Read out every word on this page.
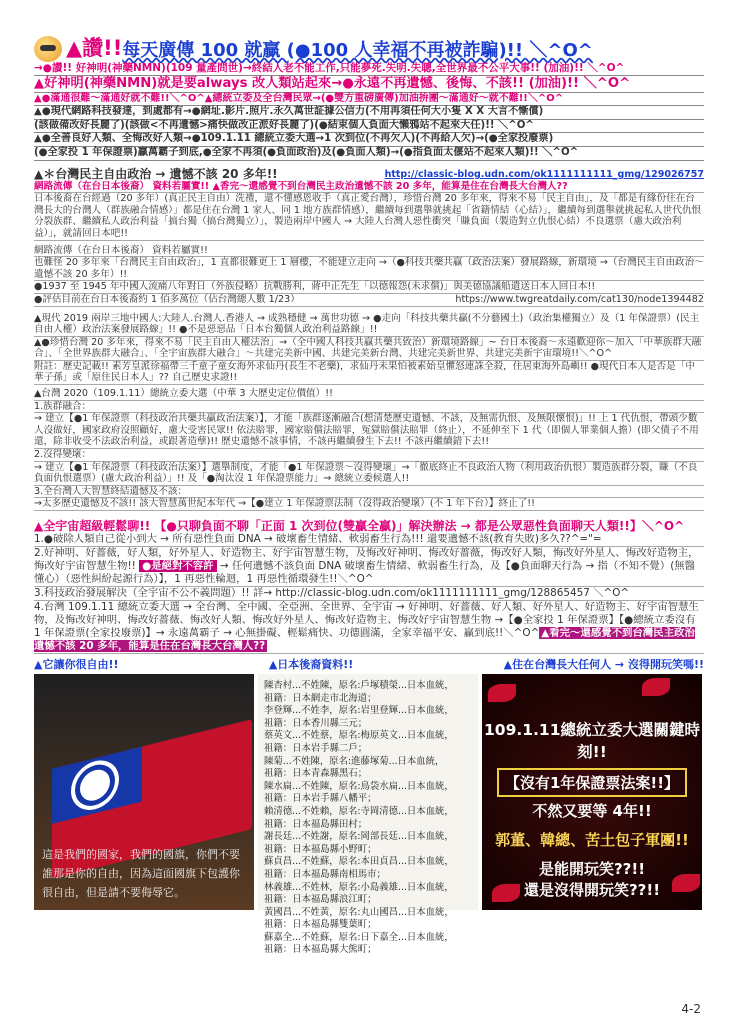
▲讚!! 每天廣傳 100 就贏 (●100 人幸福不再被詐騙)!! ＼^O^
→●讚!! 好神明(神藥NMN)(109 量產問世)→終結人老不能工作,只能夢死.失明.失聰,全世界最不公平大事!! (加油)!! ＼^O^
▲好神明(神藥NMN)就是要always 改人類站起來→●永遠不再遺憾、後悔、不該!! (加油)!! ＼^O^
▲●滿通很難～滿通好就不難!!＼^O^▲總統立委及全台灣民眾→(●雙方重磅廣傳)加油拚團～滿通好～就不難!!＼^O^
▲●現代網路科技發達，到處都有→●網址.影片.照片.永久萬世証據公信力(不用再須任何大小隻 X X 大言不慚償)
(該做備改好長麗了)(該做<不再遺憾>痛快做改正派好長麗了)(●結束個人負面大懶鴉站不起來大任)!! ＼^O^
▲●全善良好人類、全悔改好人類→●109.1.11 總統立委大選→1 次到位(不再欠人)(不再給人欠)→(●全家投廢票)
(●全家投 1 年保證票)贏萬霸子到底,●全家不再須(●負面政治)及(●負面人類)→(●指負面太偃站不起來人類)!! ＼^O^
▲＊台灣民主自由政治 → 遺憾不該 20 多年!!	http://classic-blog.udn.com/ok1111111111_gmg/129026757

網路流傳（在台日本後裔） 資料若屬實!! ▲香完～還感覺不到台灣民主政治遺憾不該 20 多年，能算是住在台灣長大台灣人??

日本後裔在台經過（20 多年）(真正民主自由）洗禮，還不懂感恩收手（真正愛台灣），珍惜台灣 20 多年來，得來不易「民主自由」，及「都是有緣份住在台灣長大的台灣人（群族融合情感）」都是住在台灣 1 家人、同 1 地方族群情感），繼續每到選舉就挑起「省籍情結（心結）」，繼續每到選舉就挑起私人世代仇恨分裂族群、繼續私人政治利益「搞台獨（搞台灣獨立）」，製造兩岸中國人 → 大陸人台灣人惡性衝突「賺負面（製造對立仇恨心結）不良選票（慮大政治利益）」，就請回日本吧!!

網路流傳（在台日本後裔） 資料若屬實!!

也難怪 20 多年來「台灣民主自由政治」，1 直都很難更上 1 層樓，不能建立走向 →（●科技共藥共贏（政治法案）發展路線，新環境 →（台灣民主自由政治～遺憾不該 20 多年）!!

●1937 至 1945 年中國人流痛八年對日（外族侵略）抗戰勝利，蔣中正先生「以德報怨(未求償)」與美德協議船遣送日本人回日本!!

●評估目前在台日本後裔約 1 佰多萬位（佔台灣總人數 1/23）	https://www.twgreatdaily.com/cat130/node1394482

▲現代 2019 兩岸三地中國人:大陸人.台灣人.香港人 → 成熟穩健 → 萬世功德 → ●走向「科技共藥共贏(不分藝國土)（政治集權獨立）及（1 年保證票）(民主自由人權）政治法案發展路線」!! ●不是惡惡品「日本台獨個人政治利益路線」!!

▲●珍惜台灣 20 多年來，得來不易「民主自由人權法治」→（全中國人科技共贏共藥共致治）新環境路線」~ 台日本後裔～永遠歡迎你～加入「中華族群大融合」、「全世界族群大融合」、「全宇宙族群大融合」～共建完美新中國、共建完美新台灣、共建完美新世界、共建完美新宇宙環境!!＼^O^

附註：歷史記載!! 素芳皇派徐福帶三千童子童女海外求仙丹(長生不老藥)，求仙丹未果怕被素始皇懼怒連誅全殺，住居東海外島嶼!! ●現代日本人是否是「中華子孫」或「原住民日本人」?? 自己歷史求證!!

▲台灣 2020（109.1.11）總統立委大選（中華 3 大歷史定位價值）!!

1.族群融合：

→ 建立【●1 年保證票（科技政治共藥共贏政治法案）】，才能「族群逐漸融合(想清楚歷史遺憾、不該，及無需仇恨、及無限懷恨)」!! 上 1 代仇恨，帶頭少數人沒做好，國家政府沒照顧好，慮大受害民眾!! 依法賠罪，國家賠償法賠罪，冤獄賠償法賠罪（終止），不延伸至下 1 代（即個人罪業個人擔）(即父債子不用還，除非收受不法政治利益，或跟著造孽)!! 歷史遺憾不該事情，不該再繼續發生下去!! 不該再繼續錯下去!!

2.沒得變壞：

→ 建立【●1 年保證票（科技政治法案）】選舉制度，才能「●1 年保證票～沒得變壞」→「徹底終止不良政治人物（利用政治仇恨）製造族群分裂，賺（不良負面仇恨選票）(慮大政治利益）」!! 及「●淘汰沒 1 年保證票能力」→ 總統立委候選人!!

3.全台灣人大智慧終結遺憾及不該：

→太多歷史遺憾及不該!! 該大智慧萬世紀本年代 →【●建立 1 年保證票法制（沒得政治變壞）(不 1 年下台）】終止了!!

▲全宇宙超級輕鬆聊!! 【●只聊負面不聊「正面 1 次到位(雙贏全贏)」解決辦法 → 都是公眾惡性負面聊天人類!!】＼^O^

1.●破除人類自己從小到大 → 所有惡性負面 DNA → 破壞畜生情緒、軟弱畜生行為!!! 還要遺憾不該(教育失敗)多久??^="=

2.好神明、好薔薇，好人類，好外星人、好造物主、好宇宙智慧生物，及悔改好神明、悔改好薔薇，悔改好人類，悔改好外星人、悔改好造物主，悔改好宇宙智慧生物!! ●是絕對不容許 → 任何遺憾不該負面 DNA 破壞畜生情緒、軟弱畜生行為，及【●負面聊天行為 → 指（不知不覺）(無醫懂心）（惡性糾紛起源行為）】，1 再惡性輪迴，1 再惡性循環發生!!＼^O^

3.科技政治發展解決（全宇宙不公不義問題）!! 詳→ http://classic-blog.udn.com/ok1111111111_gmg/128865457 ＼^O^

4.台灣 109.1.11 總統立委大選 → 全台灣、全中國、全亞洲、全世界、全宇宙 → 好神明、好薔薇、好人類、好外星人、好造物主、好宇宙智慧生物，及悔改好神明、悔改好薔薇、悔改好人類、悔改好外星人、悔改好造物主、悔改好宇宙智慧生物 →【●全家投 1 年保證票】【●總統立委沒有 1 年保證票(全家投廢票)】→ 永遠萬霸子 → 心無掛礙、輕鬆痛快、功德圓滿，全家幸福平安、贏到底!!＼^O^ ▲看完～還感覺不到台灣民主政治遺憾不該 20 多年，能算是住在台灣長大台灣人??

▲它讓你很自由!!	▲日本後裔資料!!	▲住在台灣長大任何人 → 沒得開玩笑嗎!!
這是我們的國家，我們的國旗，你們不要誰那是你的自由，因為這面國旗下包護你很自由，但是請不要侮辱它。
陳杏村...不姓陳，原名:戶塚積榮...日本血統，
祖籍：日本網走市北海道；
李登輝...不姓李，原名:岩里登輝...日本血統，
祖籍：日本香川縣三元；
蔡英文...不姓蔡，原名:梅原英文...日本血統，
祖籍：日本岩手縣二戶；
陳菊...不姓陳，原名:進藤塚菊...日本血統，
祖籍：日本青森縣黑石；
陳水扁...不姓陳，原名:鳥袋水扁...日本血統，
祖籍：日本岩手縣八幡平；
賴清德...不姓賴，原名:寺岡清德...日本血統，
祖籍：日本福島縣田村；
謝長廷...不姓謝，原名:岡部長廷...日本血統，
祖籍：日本福島縣小野町；
蘇貞昌...不姓蘇，原名:本田貞昌...日本血統，
祖籍：日本福島縣南相馬市；
林義雄...不姓林，原名:小島義雄...日本血統，
祖籍：日本福島縣浪江町；
黃國昌...不姓黃，原名:丸山國昌...日本血統，
祖籍：日本福島縣雙葉町；
蘇嘉全...不姓蘇，原名:日下嘉全...日本血統，
祖籍：日本福島縣大熊町；
109.1.11總統立委大選關鍵時刻!!
【沒有1年保證票法案!!】
不然又要等 4年!!
郭董、韓總、苦土包子軍團!!
是能開玩笑??!!
還是沒得開玩笑??!!
4-2
